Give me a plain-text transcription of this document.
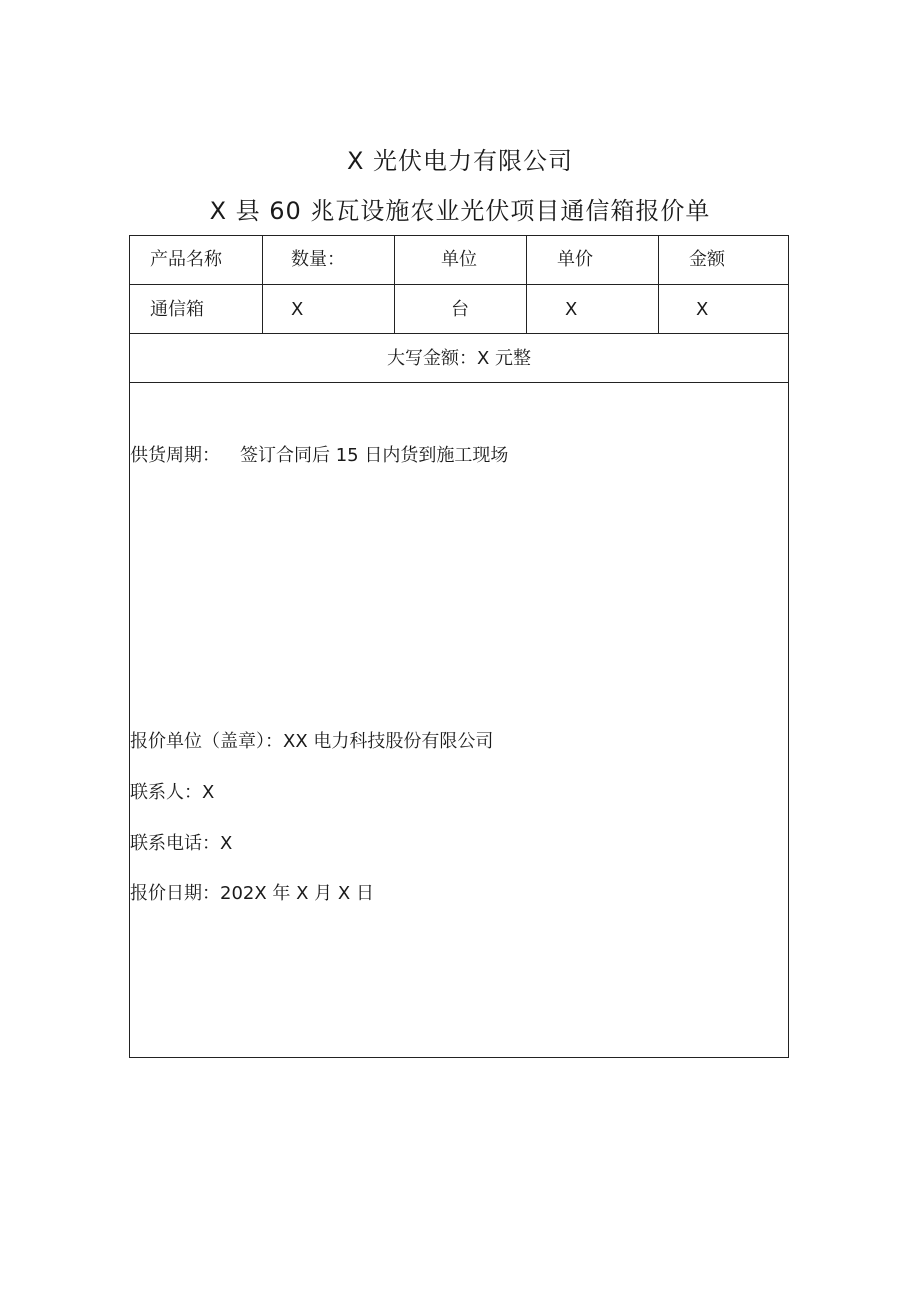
X 光伏电力有限公司
X 县 60 兆瓦设施农业光伏项目通信箱报价单
产品名称	数量：	单位	单价	金额
通信箱	X	台	X	X
大写金额：X 元整
供货周期： 签订合同后 15 日内货到施工现场
报价单位（盖章）：XX 电力科技股份有限公司
联系人：X
联系电话：X
报价日期：202X 年 X 月 X 日
